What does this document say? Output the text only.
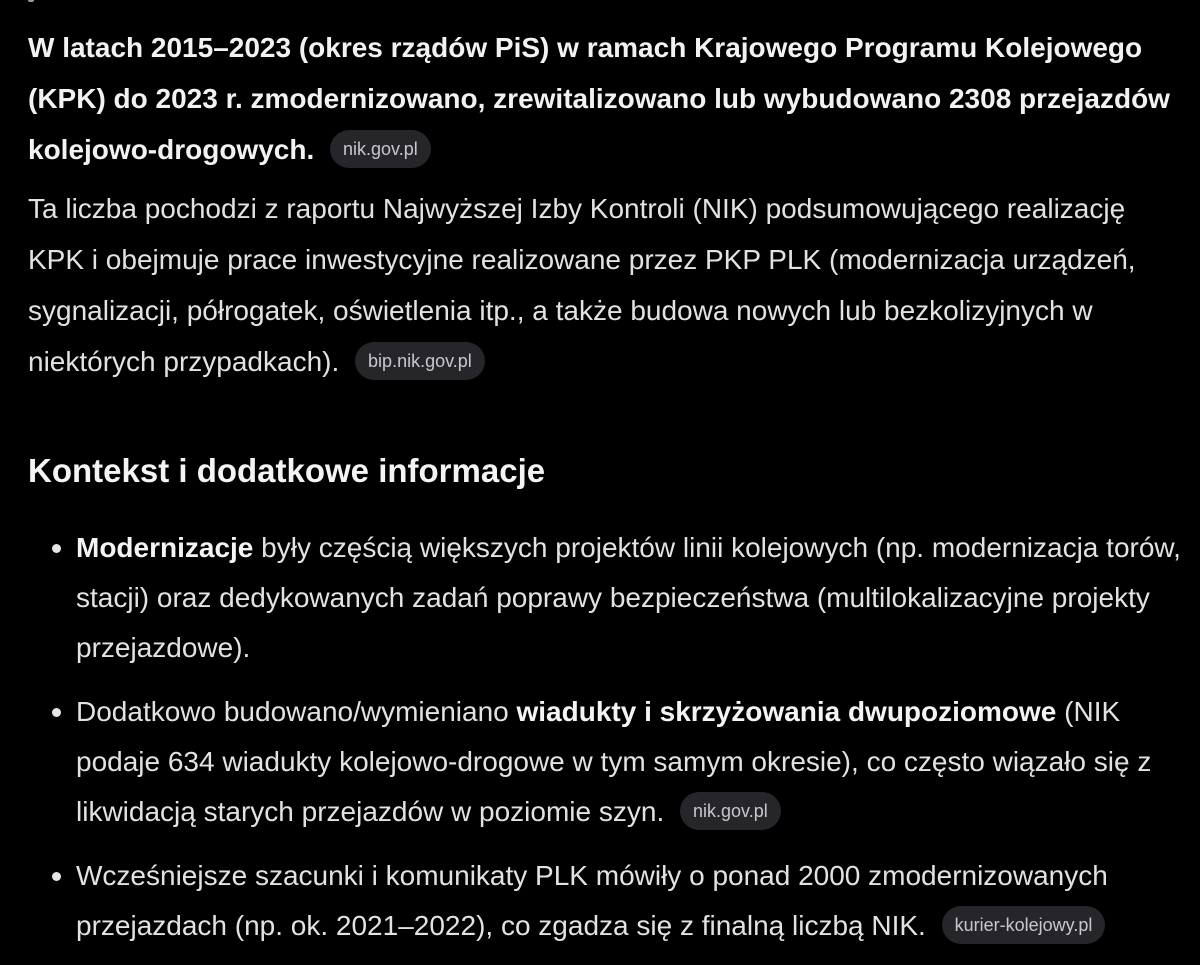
W latach 2015–2023 (okres rządów PiS) w ramach Krajowego Programu Kolejowego (KPK) do 2023 r. zmodernizowano, zrewitalizowano lub wybudowano 2308 przejazdów kolejowo-drogowych. nik.gov.pl

Ta liczba pochodzi z raportu Najwyższej Izby Kontroli (NIK) podsumowującego realizację KPK i obejmuje prace inwestycyjne realizowane przez PKP PLK (modernizacja urządzeń, sygnalizacji, półrogatek, oświetlenia itp., a także budowa nowych lub bezkolizyjnych w niektórych przypadkach). bip.nik.gov.pl

Kontekst i dodatkowe informacje
Modernizacje były częścią większych projektów linii kolejowych (np. modernizacja torów, stacji) oraz dedykowanych zadań poprawy bezpieczeństwa (multilokalizacyjne projekty przejazdowe).
Dodatkowo budowano/wymieniano wiadukty i skrzyżowania dwupoziomowe (NIK podaje 634 wiadukty kolejowo-drogowe w tym samym okresie), co często wiązało się z likwidacją starych przejazdów w poziomie szyn. nik.gov.pl
Wcześniejsze szacunki i komunikaty PLK mówiły o ponad 2000 zmodernizowanych przejazdach (np. ok. 2021–2022), co zgadza się z finalną liczbą NIK. kurier-kolejowy.pl
